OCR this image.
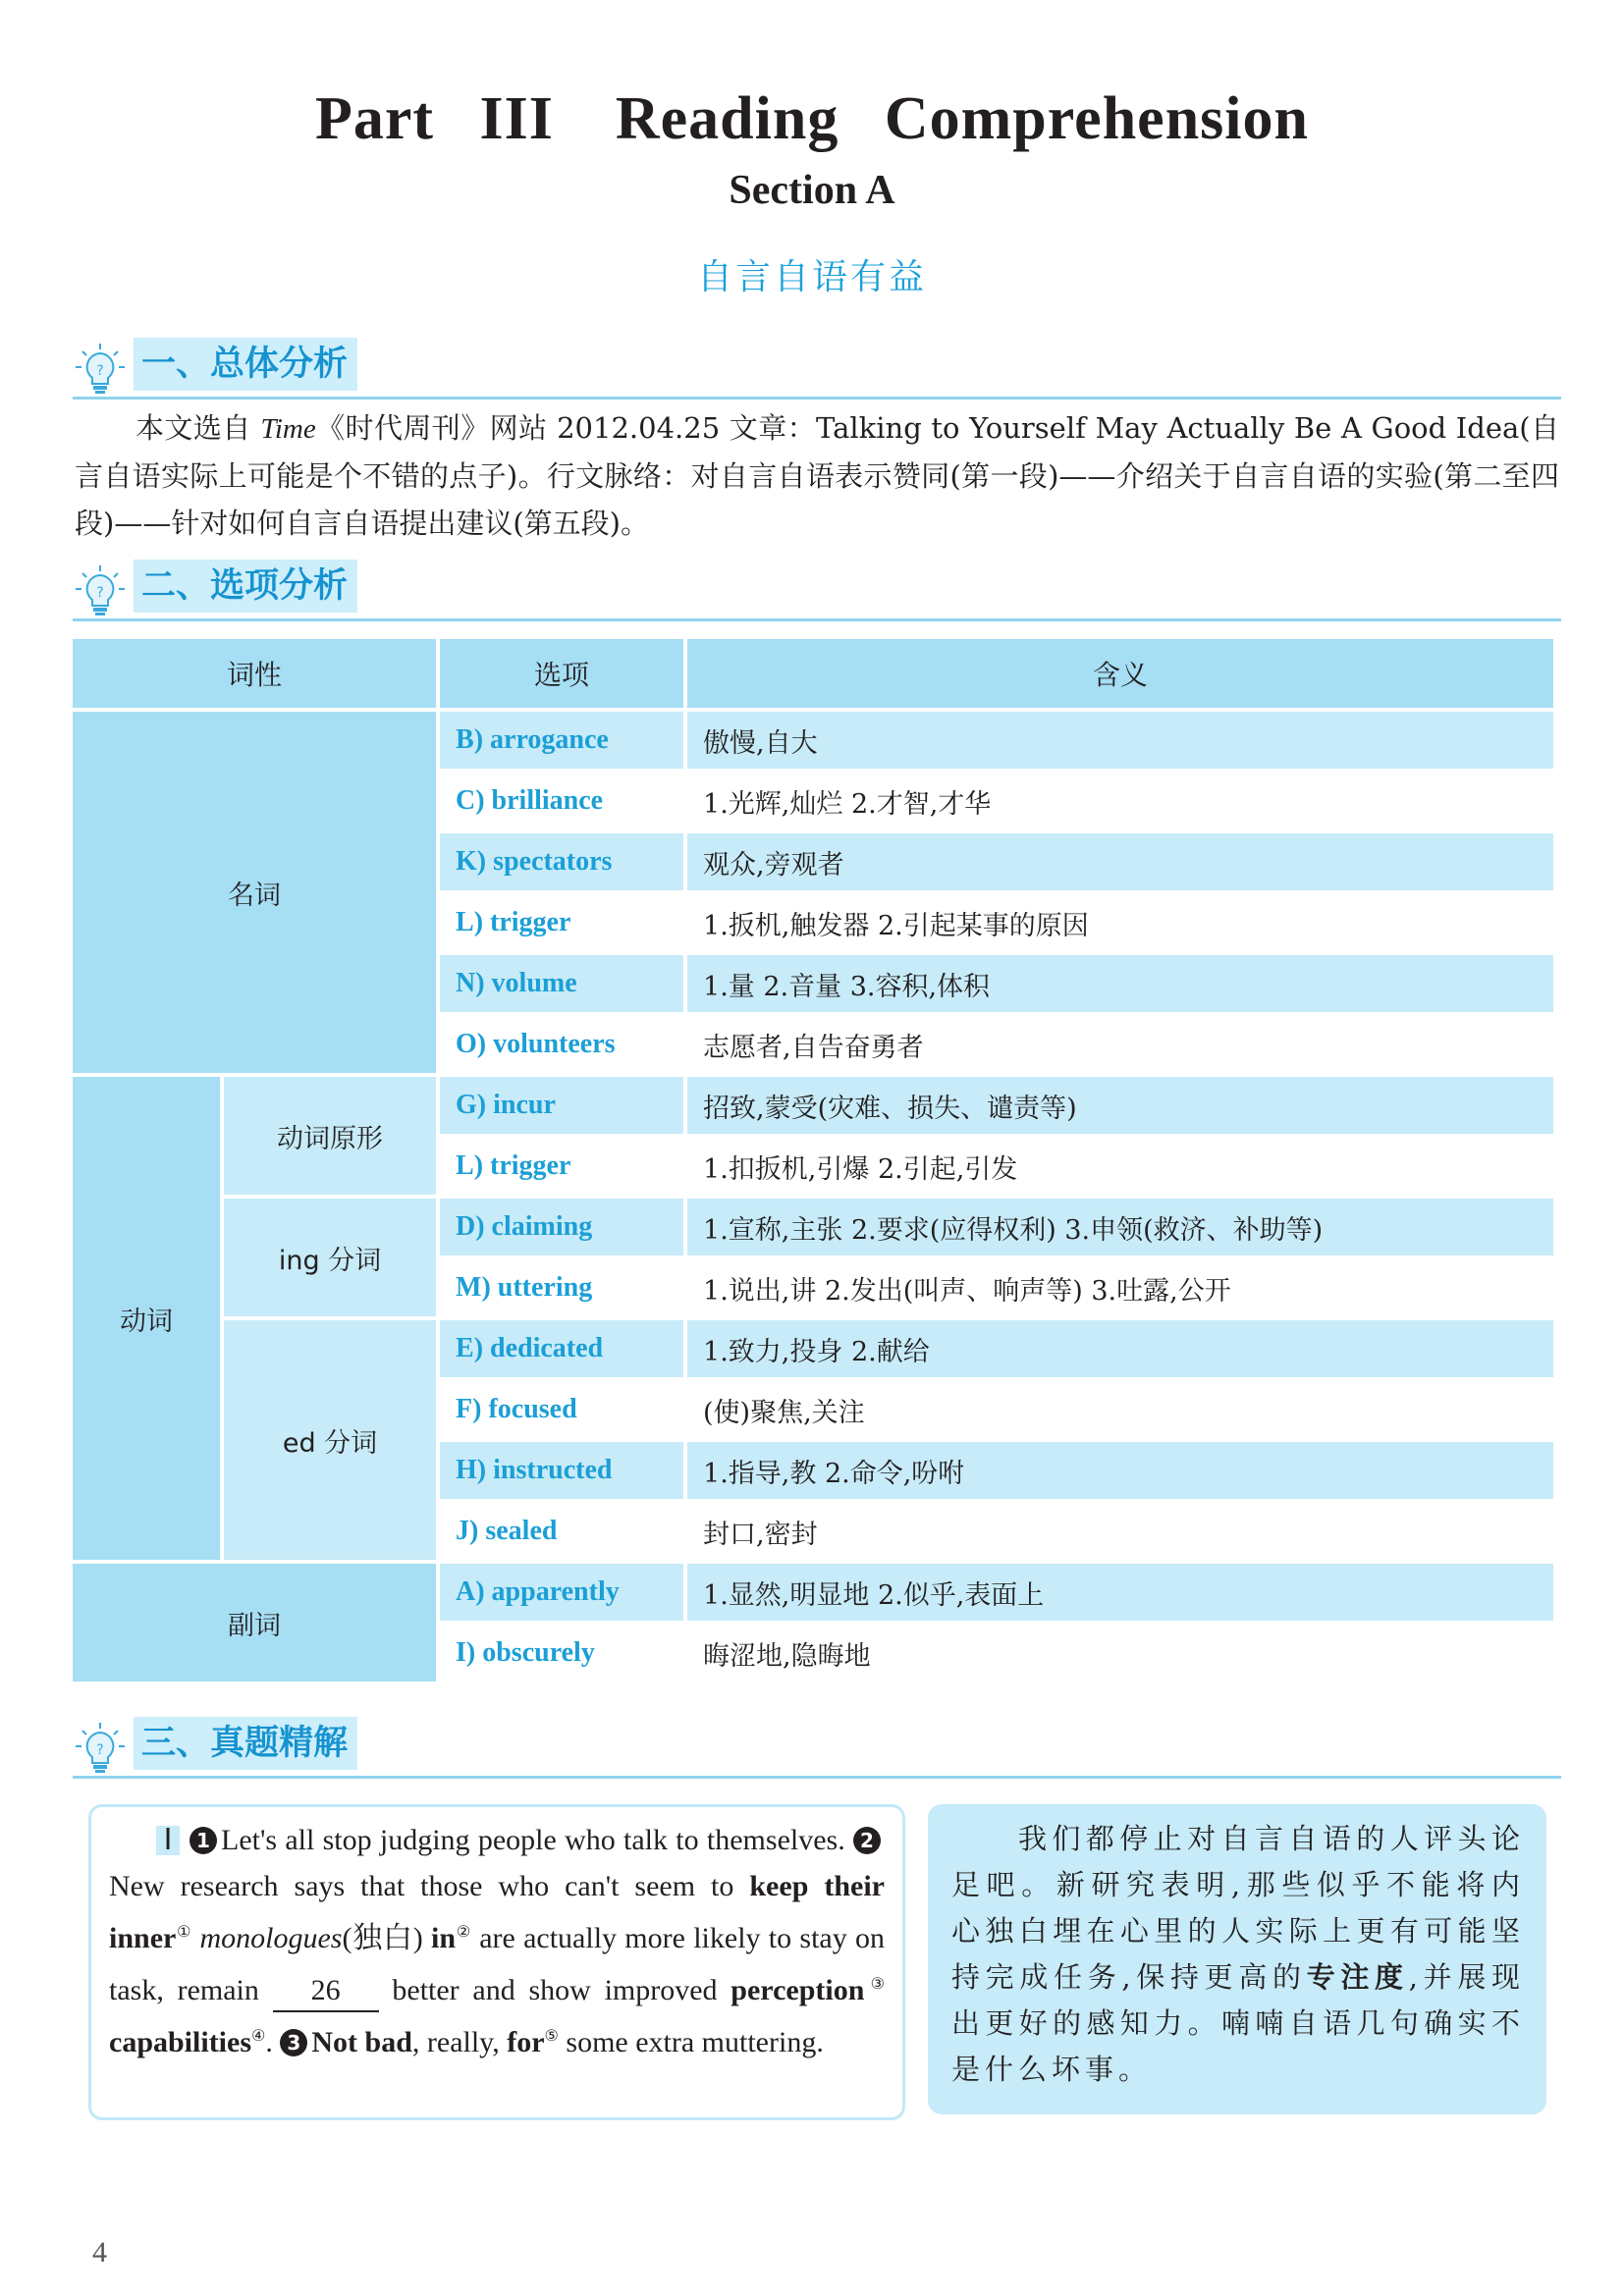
Part III　Reading Comprehension
Section A
自言自语有益
? 一、总体分析

本文选自 Time《时代周刊》网站 2012.04.25 文章：Talking to Yourself May Actually Be A Good Idea(自言自语实际上可能是个不错的点子)。行文脉络：对自言自语表示赞同(第一段)——介绍关于自言自语的实验(第二至四段)——针对如何自言自语提出建议(第五段)。

? 二、选项分析
词性		选项	含义
名词		B) arrogance	傲慢,自大
		C) brilliance	1.光辉,灿烂 2.才智,才华
		K) spectators	观众,旁观者
		L) trigger	1.扳机,触发器 2.引起某事的原因
		N) volume	1.量 2.音量 3.容积,体积
		O) volunteers	志愿者,自告奋勇者
动词	动词原形	G) incur	招致,蒙受(灾难、损失、谴责等)
		L) trigger	1.扣扳机,引爆 2.引起,引发
	ing 分词	D) claiming	1.宣称,主张 2.要求(应得权利) 3.申领(救济、补助等)
		M) uttering	1.说出,讲 2.发出(叫声、响声等) 3.吐露,公开
	ed 分词	E) dedicated	1.致力,投身 2.献给
		F) focused	(使)聚焦,关注
		H) instructed	1.指导,教 2.命令,吩咐
		J) sealed	封口,密封
副词		A) apparently	1.显然,明显地 2.似乎,表面上
		I) obscurely	晦涩地,隐晦地
? 三、真题精解
Ⅰ 1 Let's all stop judging people who talk to themselves. 2New research says that those who can't seem to keep their inner① monologues(独白) in② are actually more likely to stay on task, remain 26 better and show improved perception③ capabilities④. 3 Not bad, really, for⑤ some extra muttering.

我们都停止对自言自语的人评头论足吧。新研究表明,那些似乎不能将内心独白埋在心里的人实际上更有可能坚持完成任务,保持更高的专注度,并展现出更好的感知力。喃喃自语几句确实不是什么坏事。

4
